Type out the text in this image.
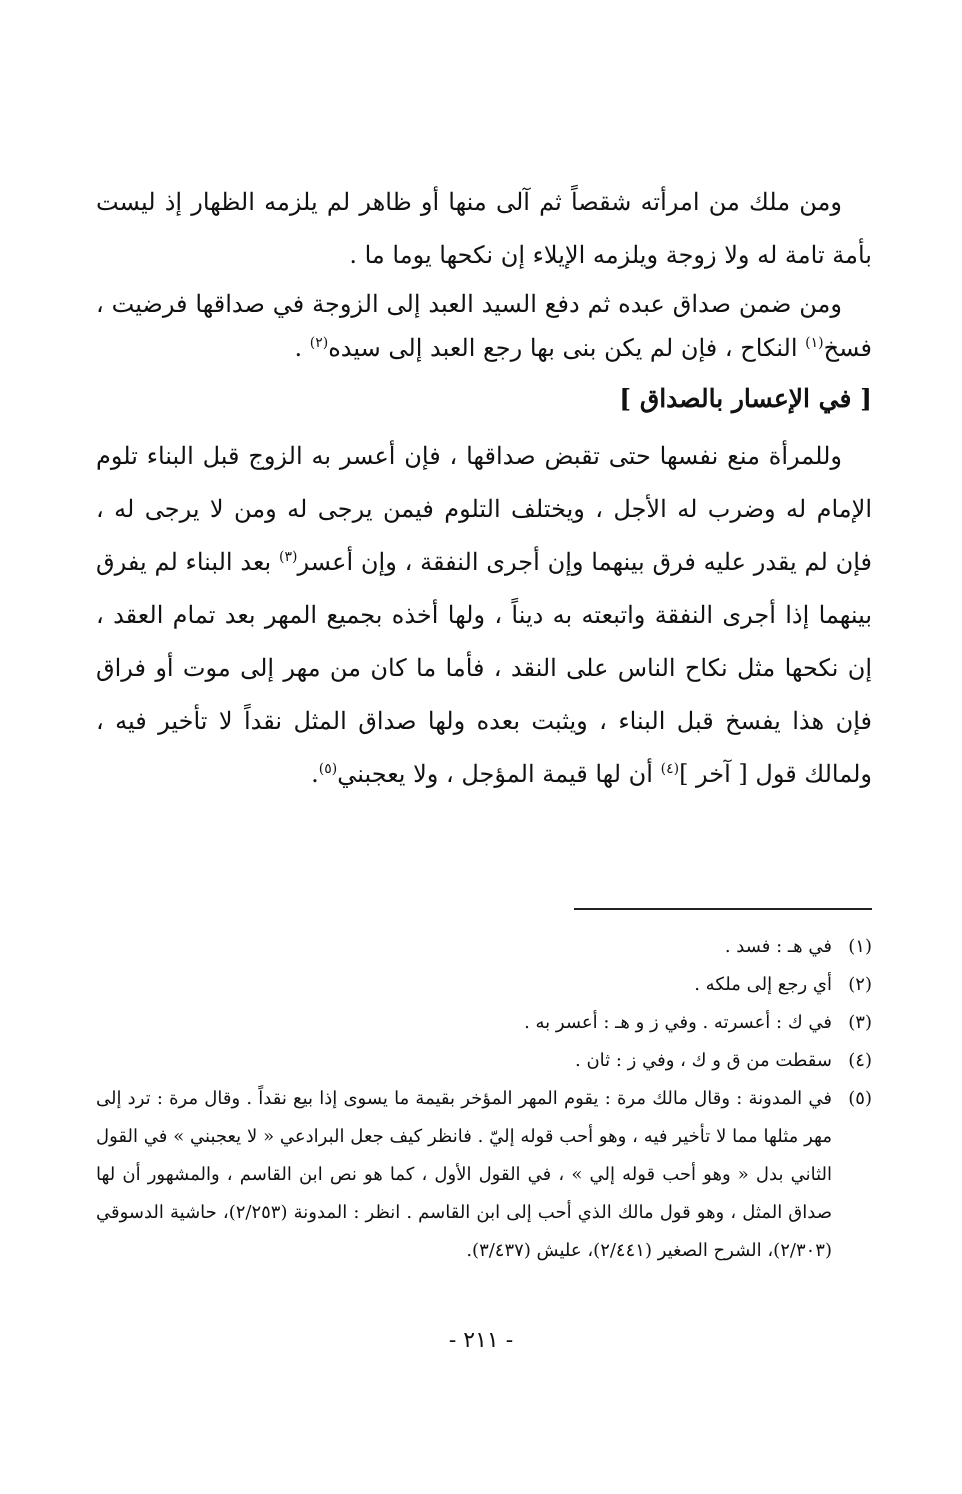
ومن ملك من امرأته شقصاً ثم آلى منها أو ظاهر لم يلزمه الظهار إذ ليست بأمة تامة له ولا زوجة ويلزمه الإيلاء إن نكحها يوما ما .

ومن ضمن صداق عبده ثم دفع السيد العبد إلى الزوجة في صداقها فرضيت ، فسخ$^{(١)}$ النكاح ، فإن لم يكن بنى بها رجع العبد إلى سيده$^{(٢)}$ .

[ في الإعسار بالصداق ]

وللمرأة منع نفسها حتى تقبض صداقها ، فإن أعسر به الزوج قبل البناء تلوم الإمام له وضرب له الأجل ، ويختلف التلوم فيمن يرجى له ومن لا يرجى له ، فإن لم يقدر عليه فرق بينهما وإن أجرى النفقة ، وإن أعسر$^{(٣)}$ بعد البناء لم يفرق بينهما إذا أجرى النفقة واتبعته به ديناً ، ولها أخذه بجميع المهر بعد تمام العقد ، إن نكحها مثل نكاح الناس على النقد ، فأما ما كان من مهر إلى موت أو فراق فإن هذا يفسخ قبل البناء ، ويثبت بعده ولها صداق المثل نقداً لا تأخير فيه ، ولمالك قول [ آخر ]$^{(٤)}$ أن لها قيمة المؤجل ، ولا يعجبني$^{(٥)}$.

(١)
في هـ : فسد .

(٢)
أي رجع إلى ملكه .

(٣)
في ك : أعسرته . وفي ز و هـ : أعسر به .

(٤)
سقطت من ق و ك ، وفي ز : ثان .

(٥)
في المدونة : وقال مالك مرة : يقوم المهر المؤخر بقيمة ما يسوى إذا بيع نقداً . وقال مرة : ترد إلى مهر مثلها مما لا تأخير فيه ، وهو أحب قوله إليّ . فانظر كيف جعل البرادعي « لا يعجبني » في القول الثاني بدل « وهو أحب قوله إلي » ، في القول الأول ، كما هو نص ابن القاسم ، والمشهور أن لها صداق المثل ، وهو قول مالك الذي أحب إلى ابن القاسم . انظر : المدونة (٢/٢٥٣)، حاشية الدسوقي (٢/٣٠٣)، الشرح الصغير (٢/٤٤١)، عليش (٣/٤٣٧).

- ٢١١ -
